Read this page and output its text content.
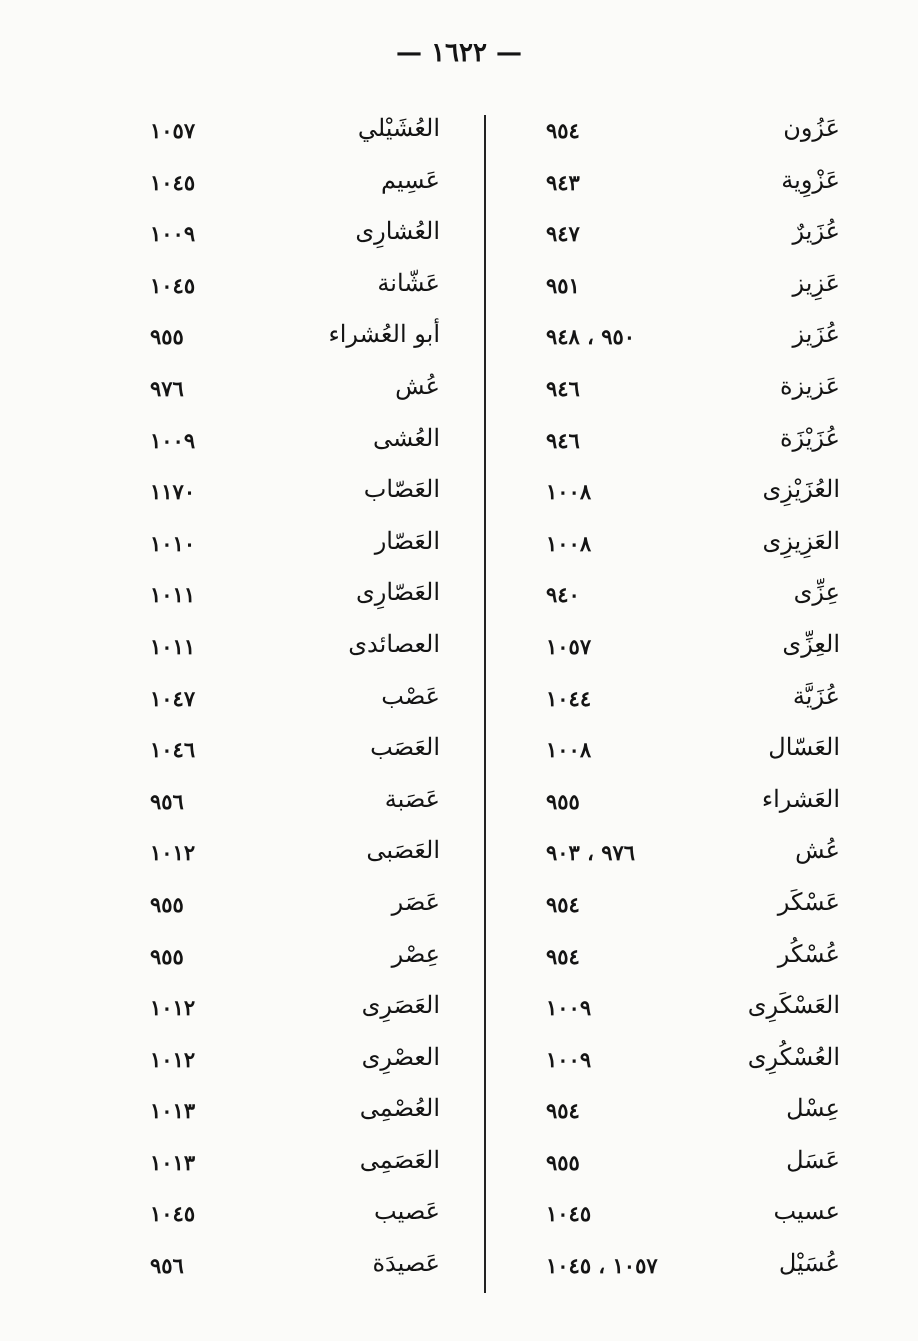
— ١٦٢٢ —
عَزُون
٩٥٤
عَزْوِية
٩٤٣
عُزَيرٌ
٩٤٧
عَزِيز
٩٥١
عُزَيز
٩٥٠ ، ٩٤٨
عَزيزة
٩٤٦
عُزَيْزَة
٩٤٦
العُزَيْزِى
١٠٠٨
العَزِيزِى
١٠٠٨
عِزِّى
٩٤٠
العِزِّى
١٠٥٧
عُزَيَّة
١٠٤٤
العَسّال
١٠٠٨
العَشراء
٩٥٥
عُش
٩٧٦ ، ٩٠٣
عَسْكَر
٩٥٤
عُسْكُر
٩٥٤
العَسْكَرِى
١٠٠٩
العُسْكُرِى
١٠٠٩
عِسْل
٩٥٤
عَسَل
٩٥٥
عسيب
١٠٤٥
عُسَيْل
١٠٥٧ ، ١٠٤٥
العُشَيْلي
١٠٥٧
عَسِيم
١٠٤٥
العُشارِى
١٠٠٩
عَشّانة
١٠٤٥
أبو العُشراء
٩٥٥
عُش
٩٧٦
العُشى
١٠٠٩
العَصّاب
١١٧٠
العَصّار
١٠١٠
العَصّارِى
١٠١١
العصائدى
١٠١١
عَصْب
١٠٤٧
العَصَب
١٠٤٦
عَصَبة
٩٥٦
العَصَبى
١٠١٢
عَصَر
٩٥٥
عِصْر
٩٥٥
العَصَرِى
١٠١٢
العصْرِى
١٠١٢
العُصْمِى
١٠١٣
العَصَمِى
١٠١٣
عَصيب
١٠٤٥
عَصيدَة
٩٥٦
